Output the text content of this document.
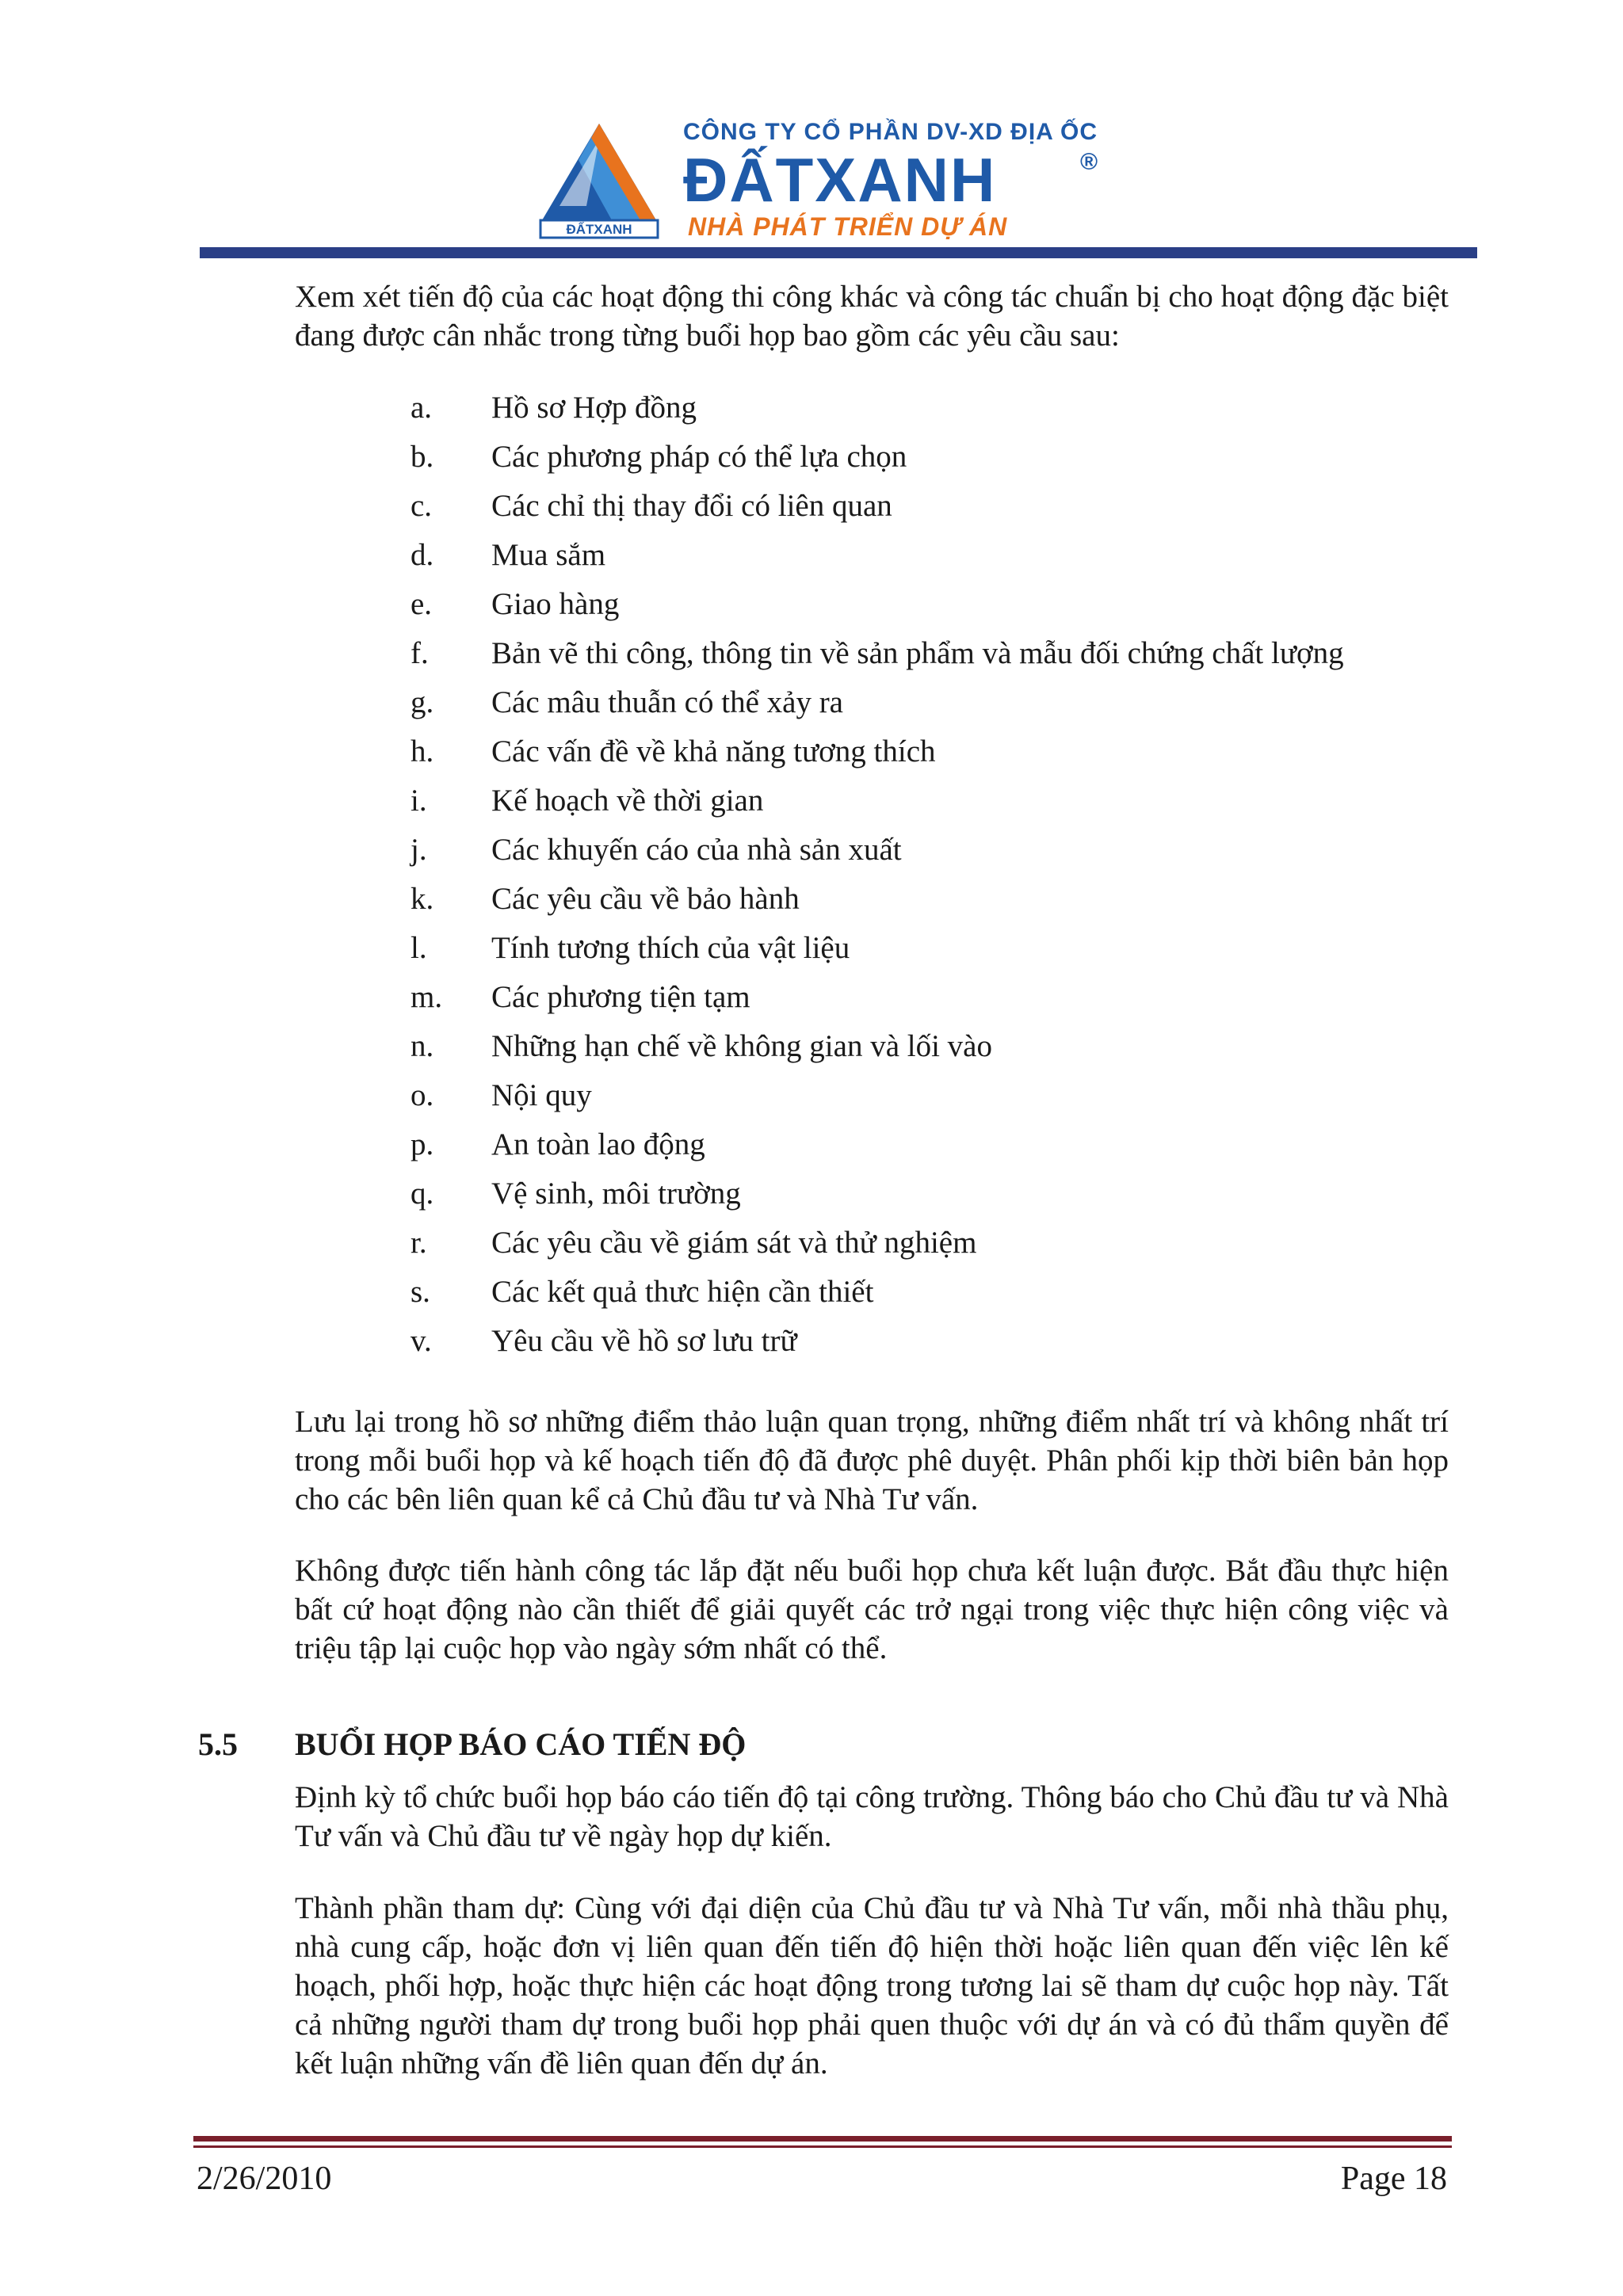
ĐẤTXANH
CÔNG TY CỔ PHẦN DV-XD ĐỊA ỐC
ĐẤTXANH	®
NHÀ PHÁT TRIỂN DỰ ÁN
Xem xét tiến độ của các hoạt động thi công khác và công tác chuẩn bị cho hoạt động đặc biệt đang được cân nhắc trong từng buổi họp bao gồm các yêu cầu sau:
a. Hồ sơ Hợp đồng
b. Các phương pháp có thể lựa chọn
c. Các chỉ thị thay đổi có liên quan
d. Mua sắm
e. Giao hàng
f. Bản vẽ thi công, thông tin về sản phẩm và mẫu đối chứng chất lượng
g. Các mâu thuẫn có thể xảy ra
h. Các vấn đề về khả năng tương thích
i. Kế hoạch về thời gian
j. Các khuyến cáo của nhà sản xuất
k. Các yêu cầu về bảo hành
l. Tính tương thích của vật liệu
m. Các phương tiện tạm
n. Những hạn chế về không gian và lối vào
o. Nội quy
p. An toàn lao động
q. Vệ sinh, môi trường
r. Các yêu cầu về giám sát và thử nghiệm
s. Các kết quả thưc hiện cần thiết
v. Yêu cầu về hồ sơ lưu trữ
Lưu lại trong hồ sơ những điểm thảo luận quan trọng, những điểm nhất trí và không nhất trí trong mỗi buổi họp và kế hoạch tiến độ đã được phê duyệt. Phân phối kịp thời biên bản họp cho các bên liên quan kể cả Chủ đầu tư và Nhà Tư vấn.
Không được tiến hành công tác lắp đặt nếu buổi họp chưa kết luận được. Bắt đầu thực hiện bất cứ hoạt động nào cần thiết để giải quyết các trở ngại trong việc thực hiện công việc và triệu tập lại cuộc họp vào ngày sớm nhất có thể.
5.5 BUỔI HỌP BÁO CÁO TIẾN ĐỘ
Định kỳ tổ chức buổi họp báo cáo tiến độ tại công trường. Thông báo cho Chủ đầu tư và Nhà Tư vấn và Chủ đầu tư về ngày họp dự kiến.
Thành phần tham dự: Cùng với đại diện của Chủ đầu tư và Nhà Tư vấn, mỗi nhà thầu phụ, nhà cung cấp, hoặc đơn vị liên quan đến tiến độ hiện thời hoặc liên quan đến việc lên kế hoạch, phối hợp, hoặc thực hiện các hoạt động trong tương lai sẽ tham dự cuộc họp này. Tất cả những người tham dự trong buổi họp phải quen thuộc với dự án và có đủ thẩm quyền để kết luận những vấn đề liên quan đến dự án.
2/26/2010	Page 18
